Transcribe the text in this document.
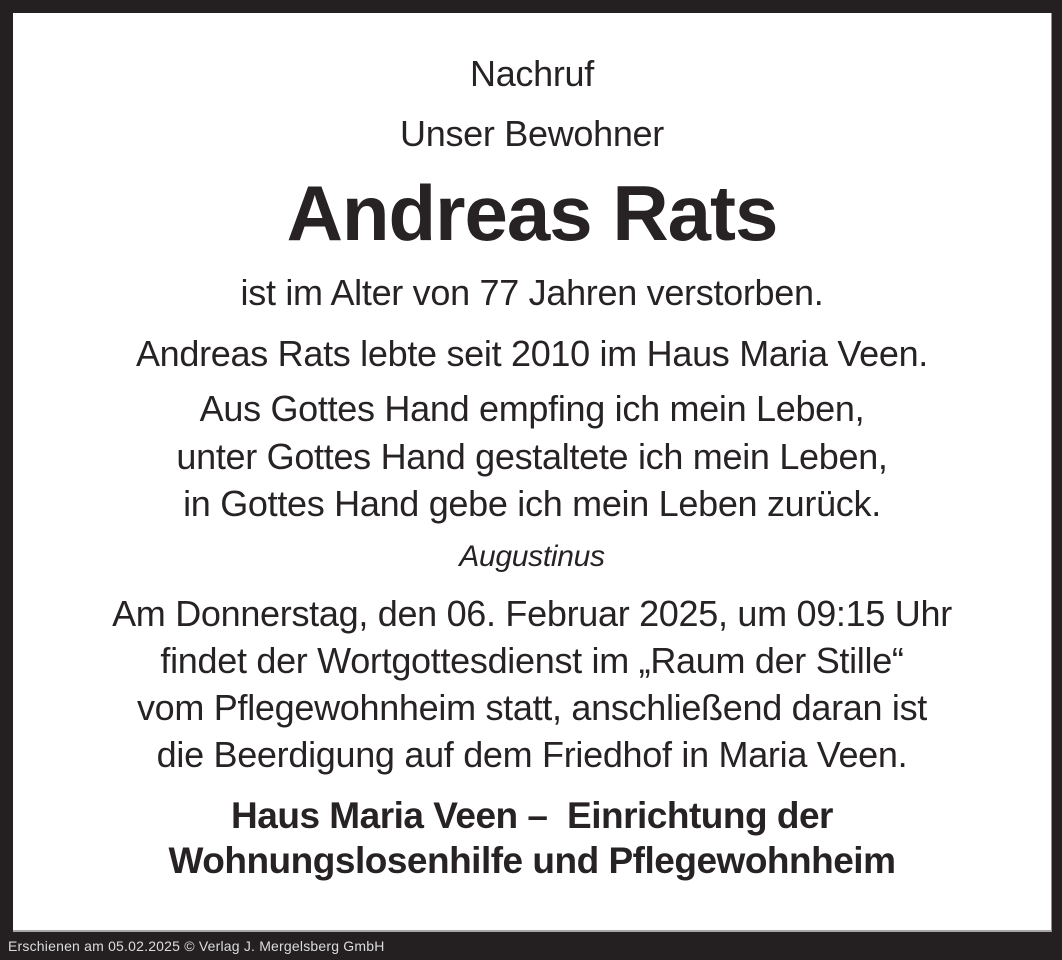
Nachruf
Unser Bewohner
Andreas Rats
ist im Alter von 77 Jahren verstorben.
Andreas Rats lebte seit 2010 im Haus Maria Veen.
Aus Gottes Hand empfing ich mein Leben,
unter Gottes Hand gestaltete ich mein Leben,
in Gottes Hand gebe ich mein Leben zurück.
Augustinus
Am Donnerstag, den 06. Februar 2025, um 09:15 Uhr
findet der Wortgottesdienst im „Raum der Stille“
vom Pflegewohnheim statt, anschließend daran ist
die Beerdigung auf dem Friedhof in Maria Veen.
Haus Maria Veen –  Einrichtung der
Wohnungslosenhilfe und Pflegewohnheim
Erschienen am 05.02.2025 © Verlag J. Mergelsberg GmbH
